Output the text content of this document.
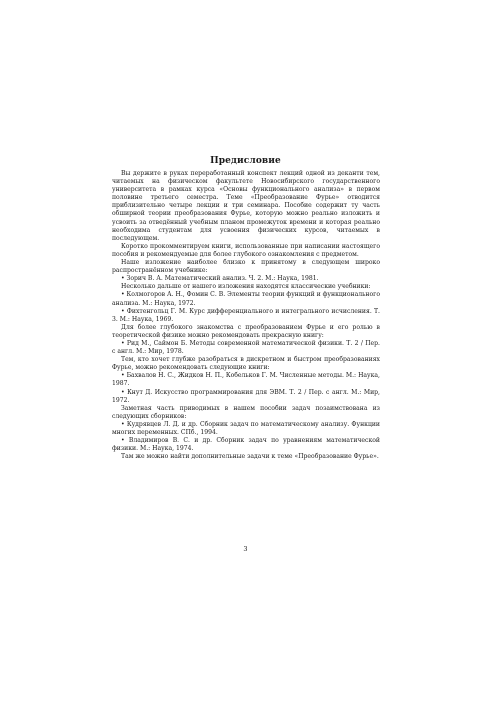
Предисловие

Вы держите в руках переработанный конспект лекций одной из деканти тем, читаемых на физическом факультете Новосибирского государственного университета в рамках курса «Основы функционального анализа» в первом половине третьего семестра. Теме «Преобразование Фурье» отводится приблизительно четыре лекции и три семинара. Пособие содержит ту часть обширной теории преобразования Фурье, которую можно реально изложить и усвоить за отведённый учебным планом промежуток времени и которая реально необходима студентам для усвоения физических курсов, читаемых в последующем.

Коротко прокомментируем книги, использованные при написании настоящего пособия и рекомендуемые для более глубокого ознакомления с предметом.

Наше изложение наиболее близко к принятому в следующем широко распространённом учебнике:

• Зорич В. А. Математический анализ. Ч. 2. М.: Наука, 1981.

Несколько дальше от нашего изложения находятся классические учебники:

• Колмогоров А. Н., Фомин С. В. Элементы теории функций и функционального анализа. М.: Наука, 1972.

• Фихтенгольц Г. М. Курс дифференциального и интегрального исчисления. Т. 3. М.: Наука, 1969.

Для более глубокого знакомства с преобразованием Фурье и его ролью в теоретической физике можно рекомендовать прекрасную книгу:

• Рид М., Саймон Б. Методы современной математической физики. Т. 2 / Пер. с англ. М.: Мир, 1978.

Тем, кто хочет глубже разобраться в дискретном и быстром преобразованиях Фурье, можно рекомендовать следующие книги:

• Бахвалов Н. С., Жидков Н. П., Кобельков Г. М. Численные методы. М.: Наука, 1987.

• Кнут Д. Искусство программирования для ЭВМ. Т. 2 / Пер. с англ. М.: Мир, 1972.

Заметная часть приводимых в нашем пособии задач позаимствована из следующих сборников:

• Кудрявцев Л. Д. и др. Сборник задач по математическому анализу. Функции многих переменных. СПб., 1994.

• Владимиров В. С. и др. Сборник задач по уравнениям математической физики. М.: Наука, 1974.

Там же можно найти дополнительные задачи к теме «Преобразование Фурье».

3
